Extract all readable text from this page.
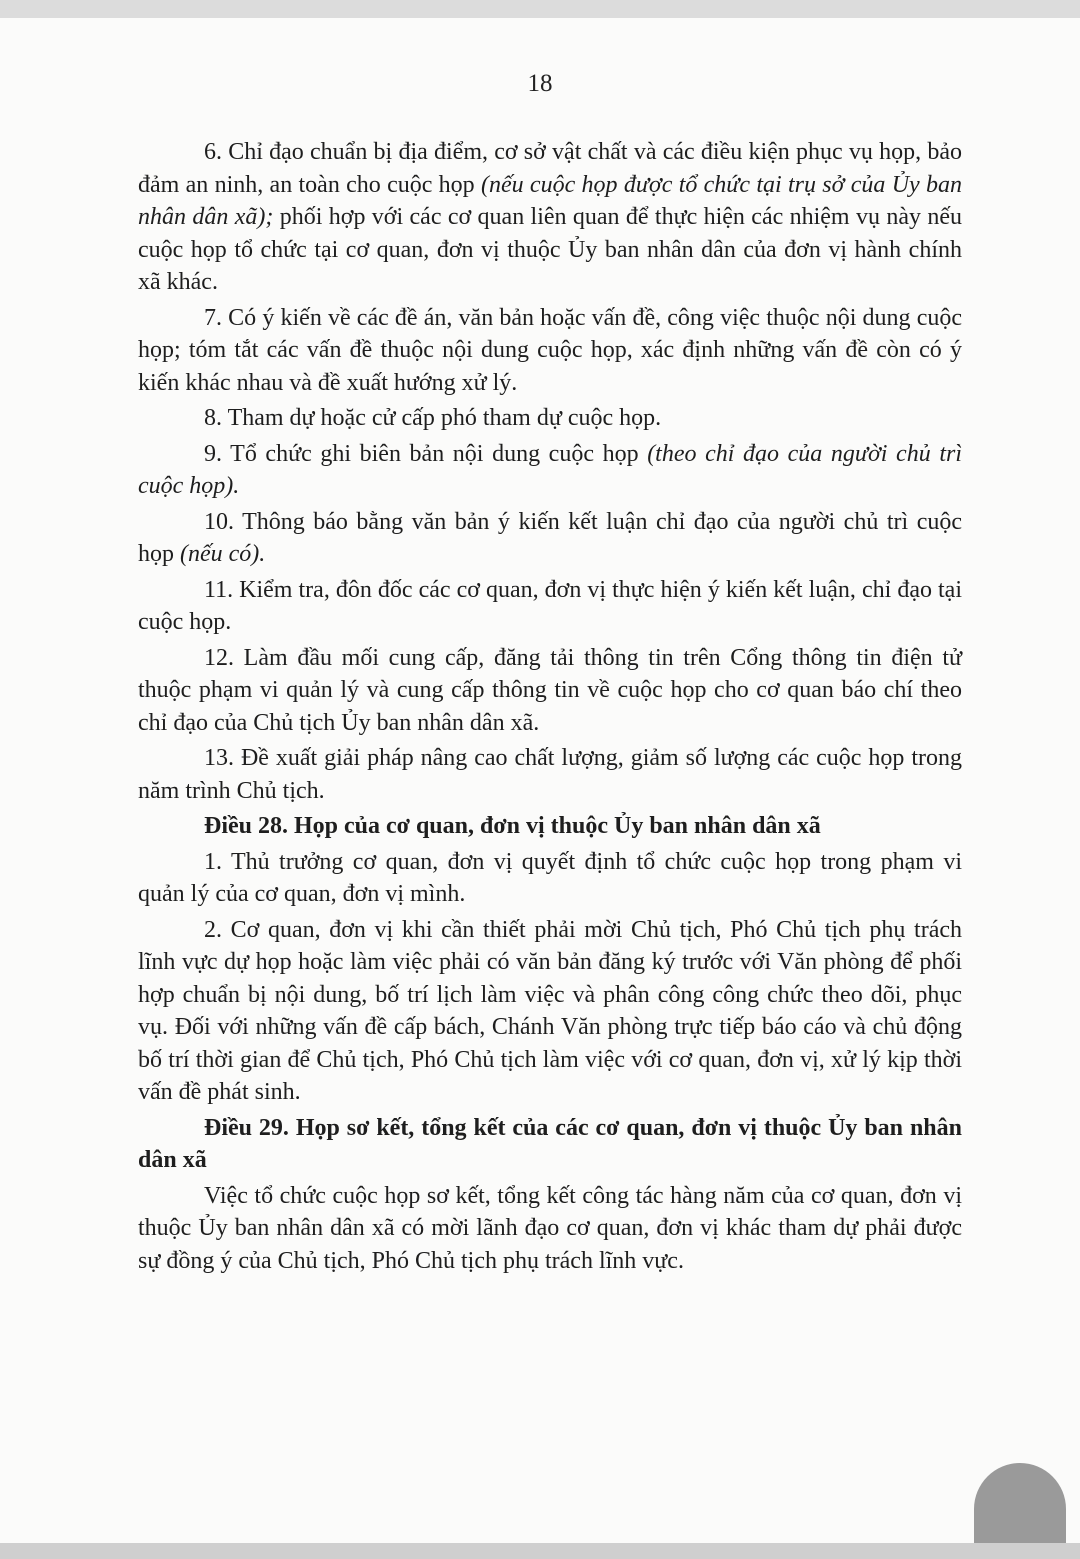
18

6. Chỉ đạo chuẩn bị địa điểm, cơ sở vật chất và các điều kiện phục vụ họp, bảo đảm an ninh, an toàn cho cuộc họp (nếu cuộc họp được tổ chức tại trụ sở của Ủy ban nhân dân xã); phối hợp với các cơ quan liên quan để thực hiện các nhiệm vụ này nếu cuộc họp tổ chức tại cơ quan, đơn vị thuộc Ủy ban nhân dân của đơn vị hành chính xã khác.

7. Có ý kiến về các đề án, văn bản hoặc vấn đề, công việc thuộc nội dung cuộc họp; tóm tắt các vấn đề thuộc nội dung cuộc họp, xác định những vấn đề còn có ý kiến khác nhau và đề xuất hướng xử lý.

8. Tham dự hoặc cử cấp phó tham dự cuộc họp.

9. Tổ chức ghi biên bản nội dung cuộc họp (theo chỉ đạo của người chủ trì cuộc họp).

10. Thông báo bằng văn bản ý kiến kết luận chỉ đạo của người chủ trì cuộc họp (nếu có).

11. Kiểm tra, đôn đốc các cơ quan, đơn vị thực hiện ý kiến kết luận, chỉ đạo tại cuộc họp.

12. Làm đầu mối cung cấp, đăng tải thông tin trên Cổng thông tin điện tử thuộc phạm vi quản lý và cung cấp thông tin về cuộc họp cho cơ quan báo chí theo chỉ đạo của Chủ tịch Ủy ban nhân dân xã.

13. Đề xuất giải pháp nâng cao chất lượng, giảm số lượng các cuộc họp trong năm trình Chủ tịch.

Điều 28. Họp của cơ quan, đơn vị thuộc Ủy ban nhân dân xã

1. Thủ trưởng cơ quan, đơn vị quyết định tổ chức cuộc họp trong phạm vi quản lý của cơ quan, đơn vị mình.

2. Cơ quan, đơn vị khi cần thiết phải mời Chủ tịch, Phó Chủ tịch phụ trách lĩnh vực dự họp hoặc làm việc phải có văn bản đăng ký trước với Văn phòng để phối hợp chuẩn bị nội dung, bố trí lịch làm việc và phân công công chức theo dõi, phục vụ. Đối với những vấn đề cấp bách, Chánh Văn phòng trực tiếp báo cáo và chủ động bố trí thời gian để Chủ tịch, Phó Chủ tịch làm việc với cơ quan, đơn vị, xử lý kịp thời vấn đề phát sinh.

Điều 29. Họp sơ kết, tổng kết của các cơ quan, đơn vị thuộc Ủy ban nhân dân xã

Việc tổ chức cuộc họp sơ kết, tổng kết công tác hàng năm của cơ quan, đơn vị thuộc Ủy ban nhân dân xã có mời lãnh đạo cơ quan, đơn vị khác tham dự phải được sự đồng ý của Chủ tịch, Phó Chủ tịch phụ trách lĩnh vực.
